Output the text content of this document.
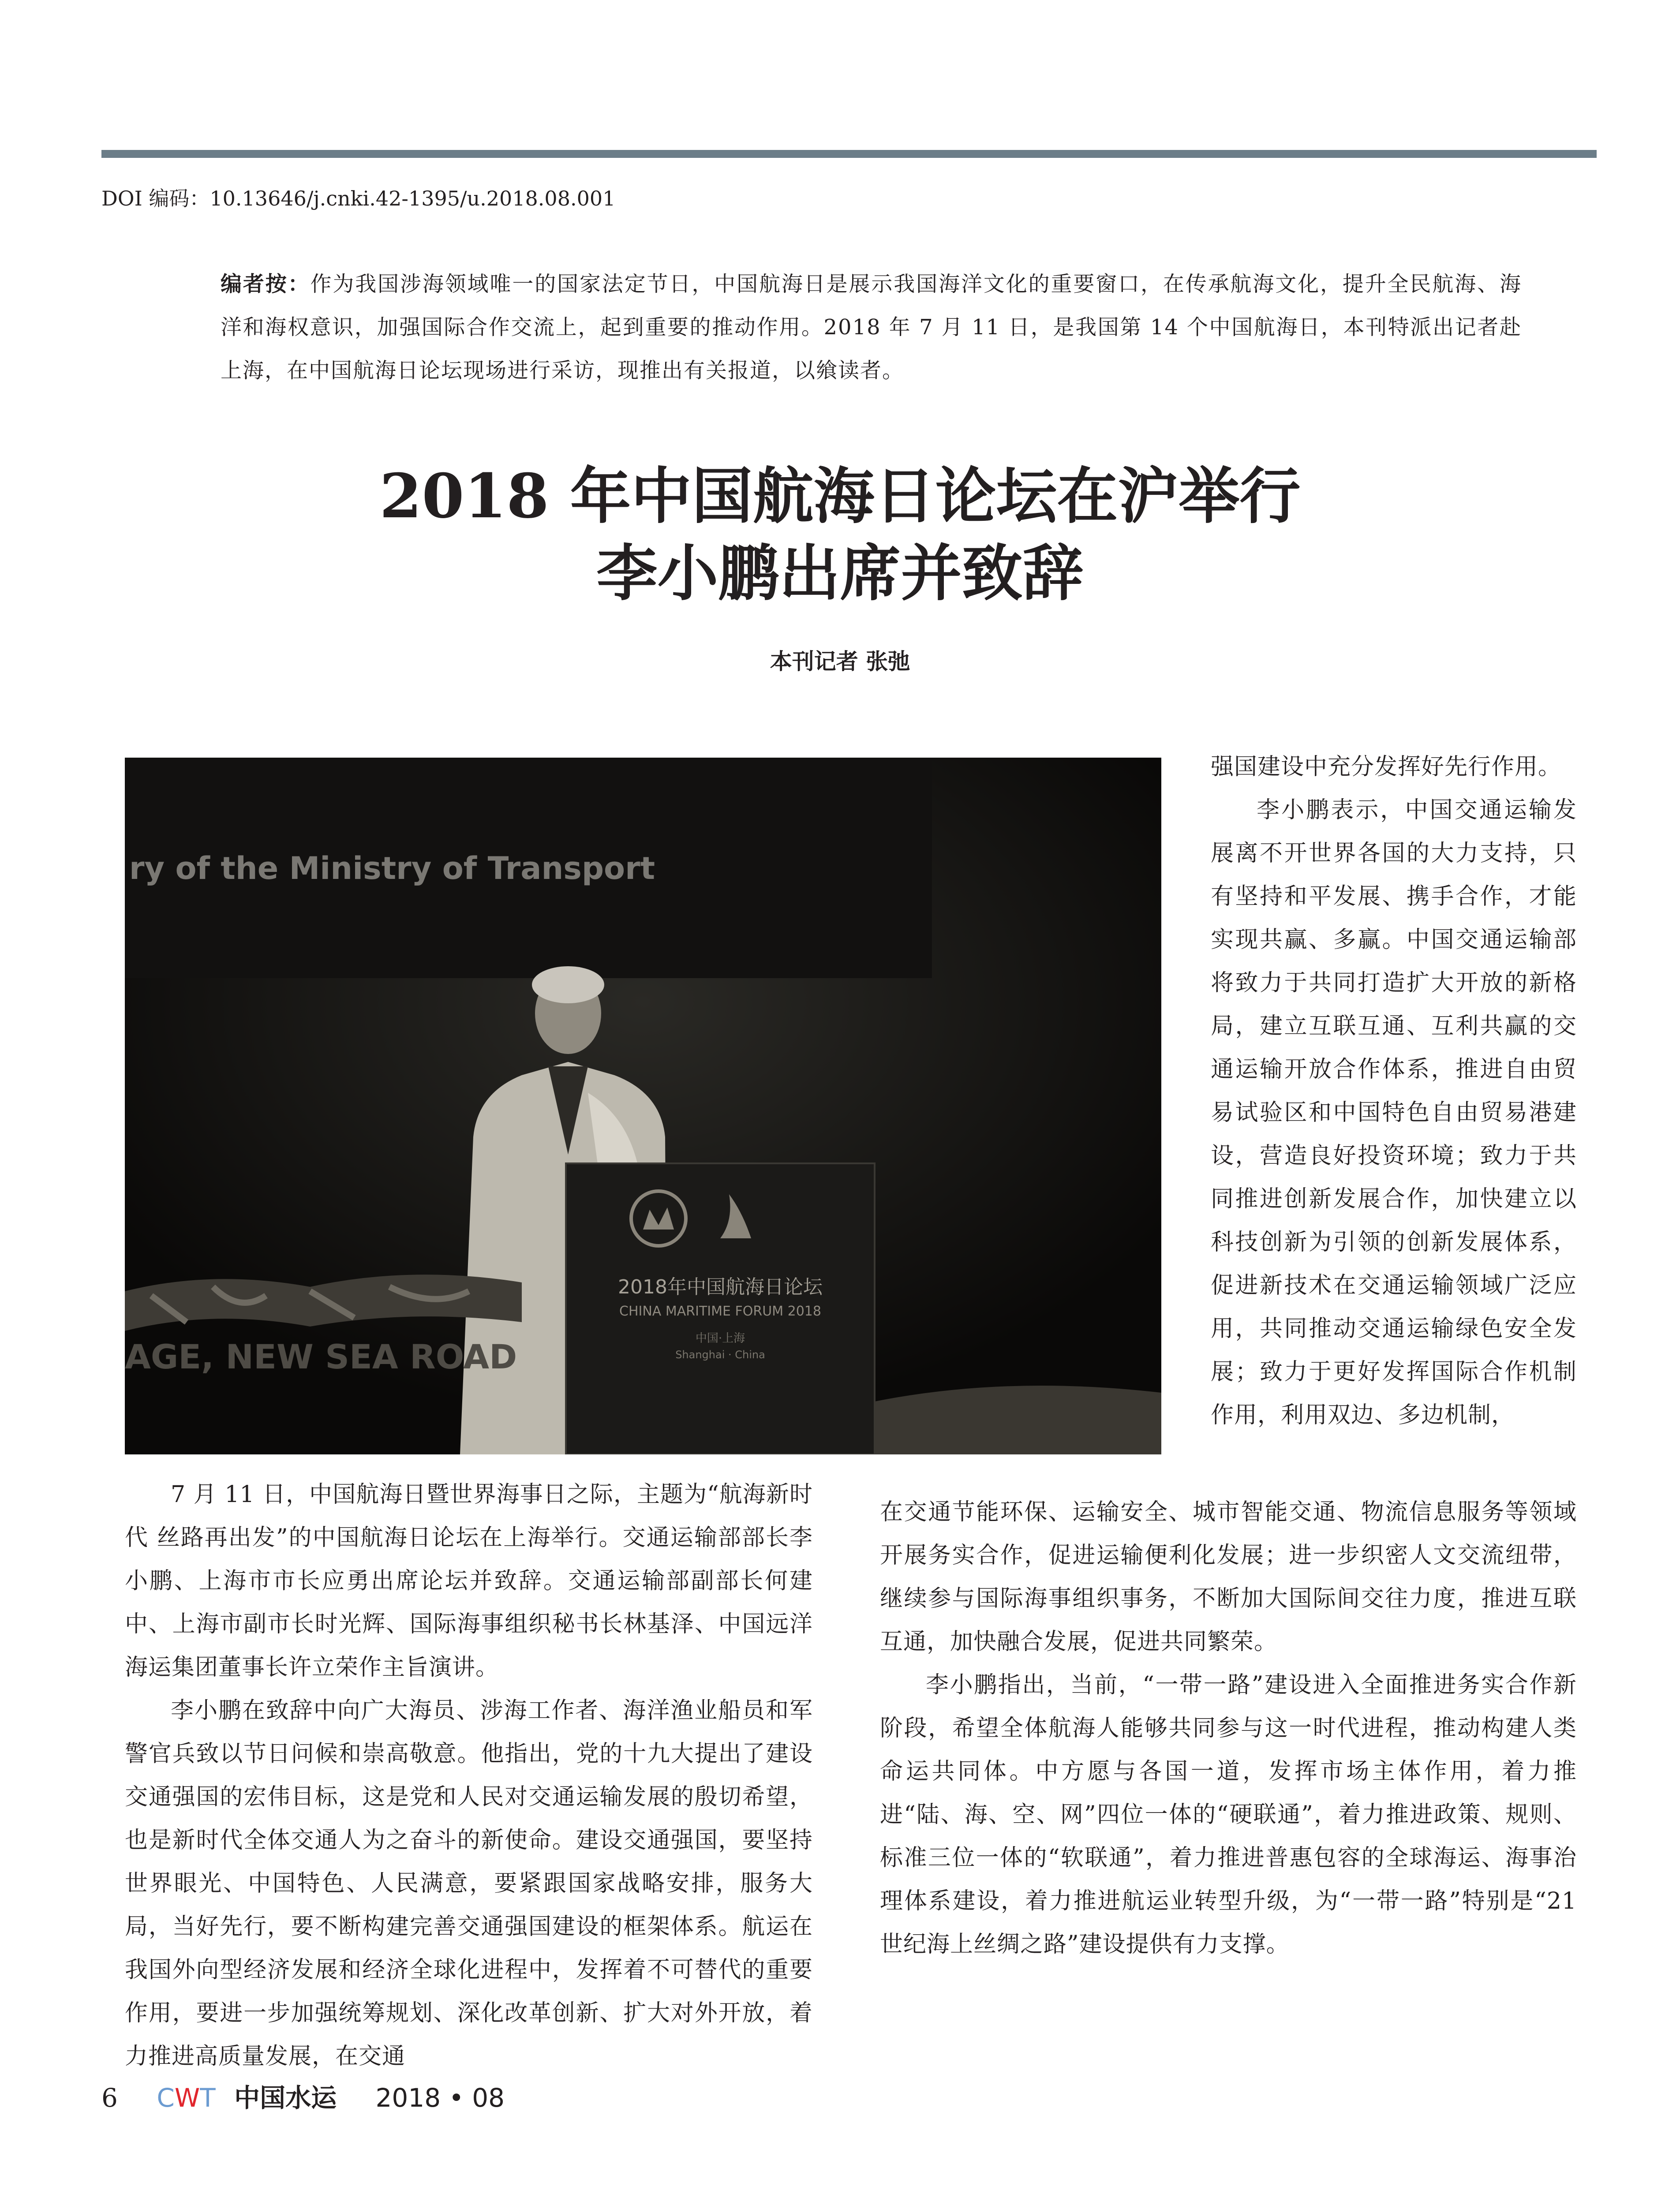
DOI 编码：10.13646/j.cnki.42-1395/u.2018.08.001
编者按：作为我国涉海领域唯一的国家法定节日，中国航海日是展示我国海洋文化的重要窗口，在传承航海文化，提升全民航海、海洋和海权意识，加强国际合作交流上，起到重要的推动作用。2018 年 7 月 11 日，是我国第 14 个中国航海日，本刊特派出记者赴上海，在中国航海日论坛现场进行采访，现推出有关报道，以飨读者。
2018 年中国航海日论坛在沪举行
李小鹏出席并致辞
本刊记者 张弛
ry of the Ministry of Transport
2018年中国航海日论坛
CHINA MARITIME FORUM 2018
中国·上海
Shanghai · China
AGE, NEW SEA ROAD

强国建设中充分发挥好先行作用。

李小鹏表示，中国交通运输发展离不开世界各国的大力支持，只有坚持和平发展、携手合作，才能实现共赢、多赢。中国交通运输部将致力于共同打造扩大开放的新格局，建立互联互通、互利共赢的交通运输开放合作体系，推进自由贸易试验区和中国特色自由贸易港建设，营造良好投资环境；致力于共同推进创新发展合作，加快建立以科技创新为引领的创新发展体系，促进新技术在交通运输领域广泛应用，共同推动交通运输绿色安全发展；致力于更好发挥国际合作机制作用，利用双边、多边机制，

7 月 11 日，中国航海日暨世界海事日之际，主题为“航海新时代 丝路再出发”的中国航海日论坛在上海举行。交通运输部部长李小鹏、上海市市长应勇出席论坛并致辞。交通运输部副部长何建中、上海市副市长时光辉、国际海事组织秘书长林基泽、中国远洋海运集团董事长许立荣作主旨演讲。

李小鹏在致辞中向广大海员、涉海工作者、海洋渔业船员和军警官兵致以节日问候和崇高敬意。他指出，党的十九大提出了建设交通强国的宏伟目标，这是党和人民对交通运输发展的殷切希望，也是新时代全体交通人为之奋斗的新使命。建设交通强国，要坚持世界眼光、中国特色、人民满意，要紧跟国家战略安排，服务大局，当好先行，要不断构建完善交通强国建设的框架体系。航运在我国外向型经济发展和经济全球化进程中，发挥着不可替代的重要作用，要进一步加强统筹规划、深化改革创新、扩大对外开放，着力推进高质量发展，在交通

在交通节能环保、运输安全、城市智能交通、物流信息服务等领域开展务实合作，促进运输便利化发展；进一步织密人文交流纽带，继续参与国际海事组织事务，不断加大国际间交往力度，推进互联互通，加快融合发展，促进共同繁荣。

李小鹏指出，当前，“一带一路”建设进入全面推进务实合作新阶段，希望全体航海人能够共同参与这一时代进程，推动构建人类命运共同体。中方愿与各国一道，发挥市场主体作用，着力推进“陆、海、空、网”四位一体的“硬联通”，着力推进政策、规则、标准三位一体的“软联通”，着力推进普惠包容的全球海运、海事治理体系建设，着力推进航运业转型升级，为“一带一路”特别是“21 世纪海上丝绸之路”建设提供有力支撑。

6 CWT 中国水运 2018 • 08
